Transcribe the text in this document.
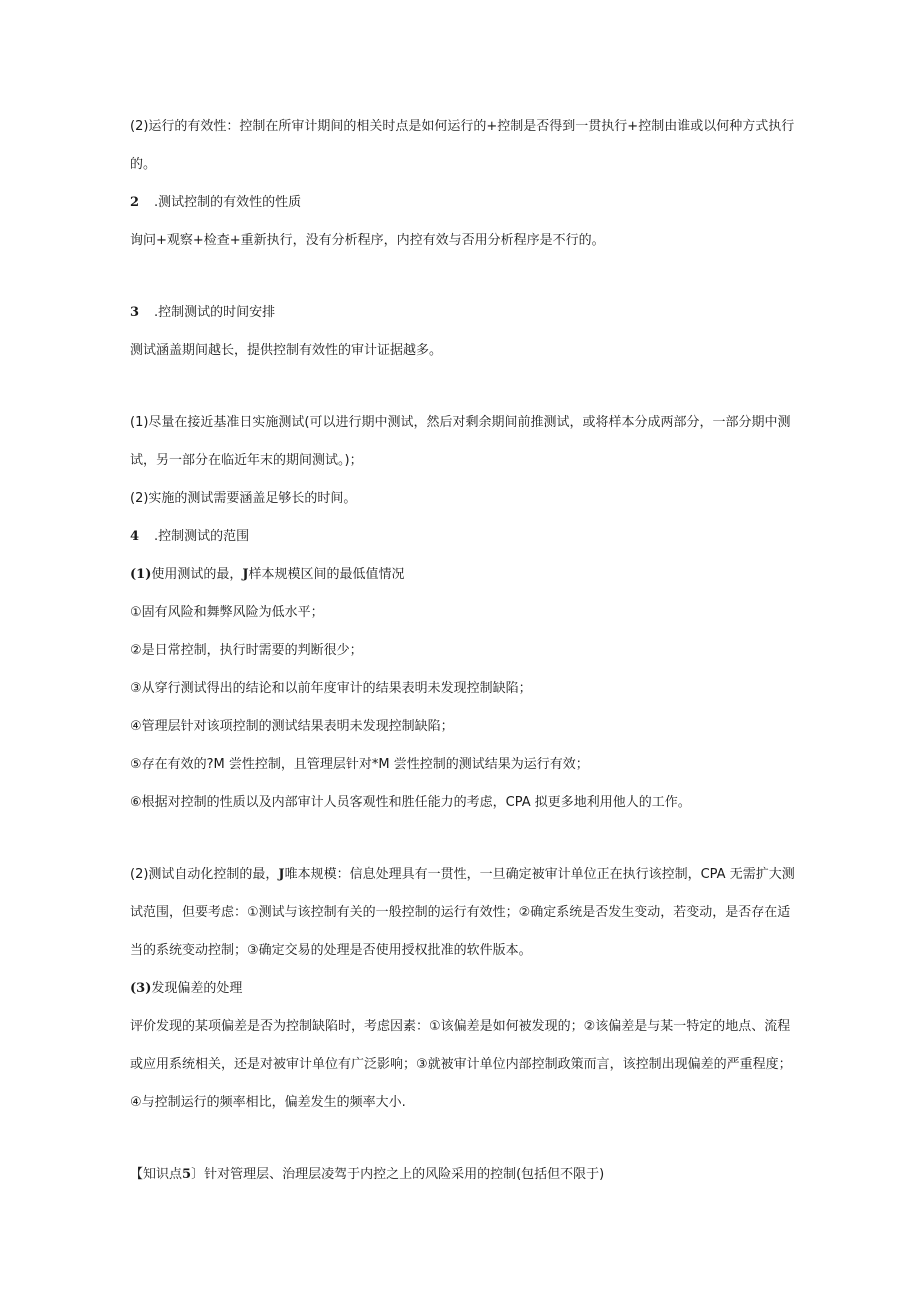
(2)运行的有效性：控制在所审计期间的相关时点是如何运行的+控制是否得到一贯执行+控制由谁或以何种方式执行
的。
2 .测试控制的有效性的性质
询问+观察+检查+重新执行，没有分析程序，内控有效与否用分析程序是不行的。
3 .控制测试的时间安排
测试涵盖期间越长，提供控制有效性的审计证据越多。
(1)尽量在接近基准日实施测试(可以进行期中测试，然后对剩余期间前推测试，或将样本分成两部分，一部分期中测
试，另一部分在临近年末的期间测试。)；
(2)实施的测试需要涵盖足够长的时间。
4 .控制测试的范围
(1)使用测试的最，J样本规模区间的最低值情况
①固有风险和舞弊风险为低水平；
②是日常控制，执行时需要的判断很少；
③从穿行测试得出的结论和以前年度审计的结果表明未发现控制缺陷；
④管理层针对该项控制的测试结果表明未发现控制缺陷；
⑤存在有效的?M 尝性控制，且管理层针对*M 尝性控制的测试结果为运行有效；
⑥根据对控制的性质以及内部审计人员客观性和胜任能力的考虑，CPA 拟更多地利用他人的工作。
(2)测试自动化控制的最，J唯本规模：信息处理具有一贯性，一旦确定被审计单位正在执行该控制，CPA 无需扩大测
试范围，但要考虑：①测试与该控制有关的一般控制的运行有效性；②确定系统是否发生变动，若变动，是否存在适
当的系统变动控制；③确定交易的处理是否使用授权批准的软件版本。
(3)发现偏差的处理
评价发现的某项偏差是否为控制缺陷时，考虑因素：①该偏差是如何被发现的；②该偏差是与某一特定的地点、流程
或应用系统相关，还是对被审计单位有广泛影响；③就被审计单位内部控制政策而言，该控制出现偏差的严重程度；
④与控制运行的频率相比，偏差发生的频率大小.
【知识点5〕针对管理层、治理层凌驾于内控之上的风险采用的控制(包括但不限于)
